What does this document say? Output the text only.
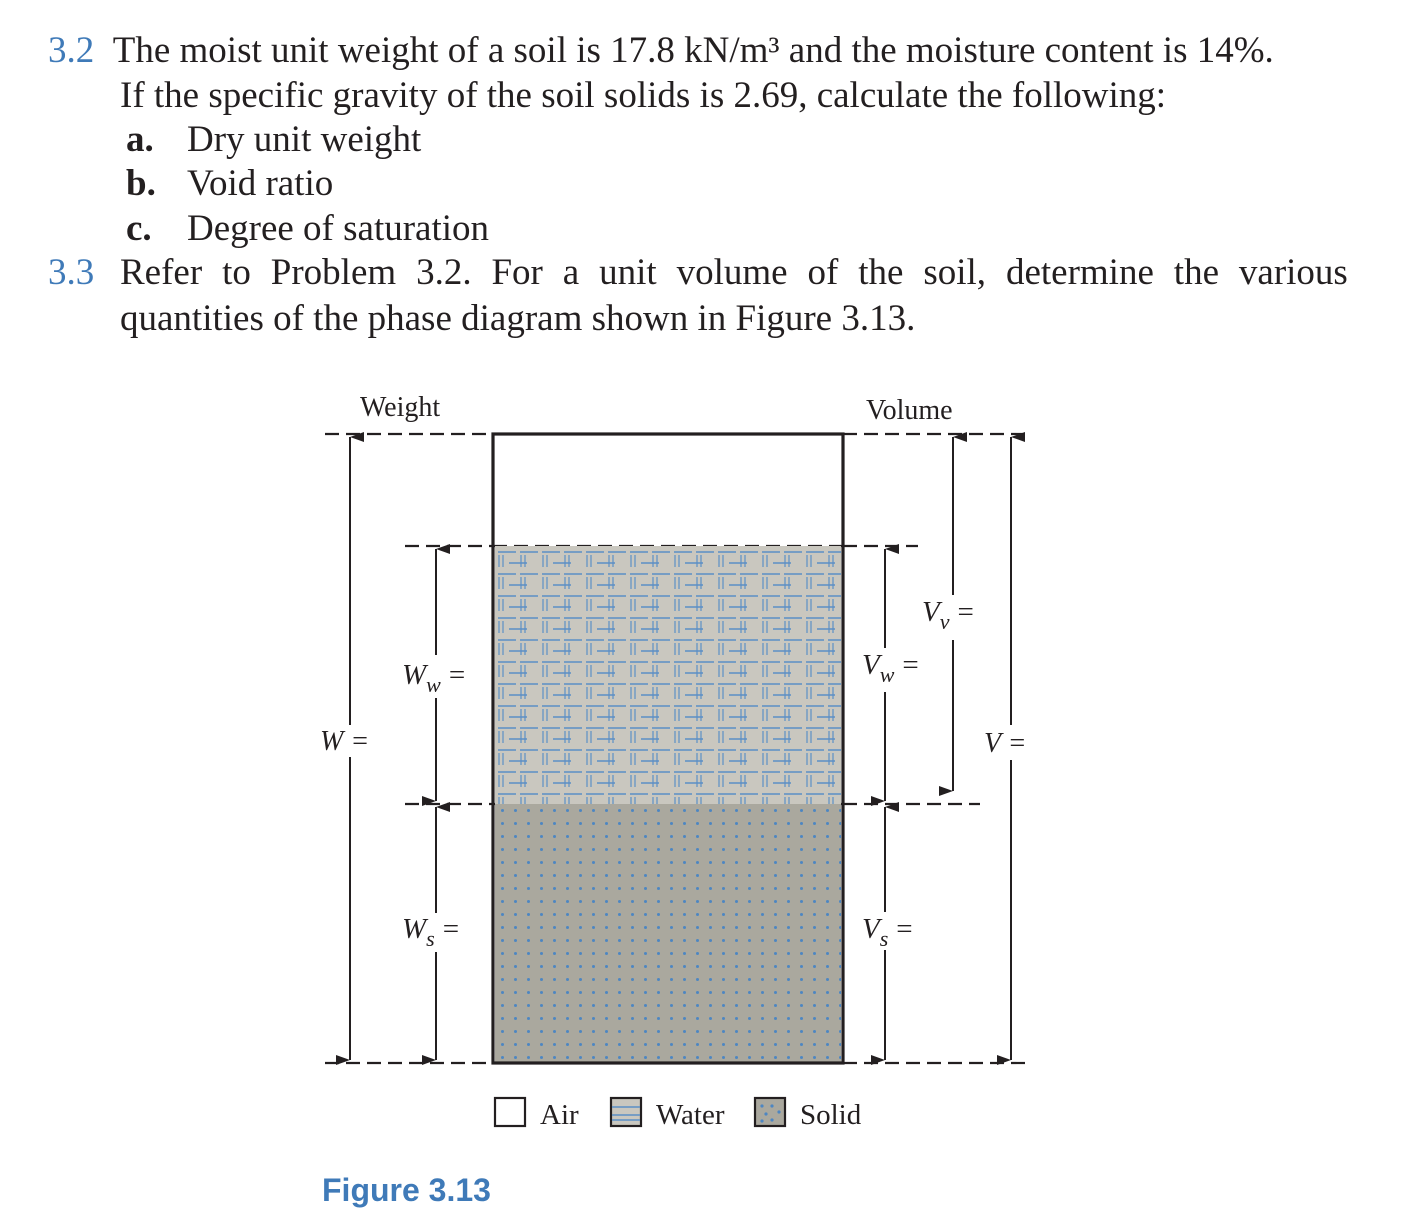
3.2 The moist unit weight of a soil is 17.8 kN/m³ and the moisture content is 14%.
If the specific gravity of the soil solids is 2.69, calculate the following:
a. Dry unit weight
b. Void ratio
c. Degree of saturation
3.3 Refer to Problem 3.2. For a unit volume of the soil, determine the various
quantities of the phase diagram shown in Figure 3.13.
Weight	Volume
W =	V =
$W_w$ =
$W_s$ =
$V_v$ =
$V_w$ =
$V_s$ =
Air	Water	Solid
Figure 3.13
